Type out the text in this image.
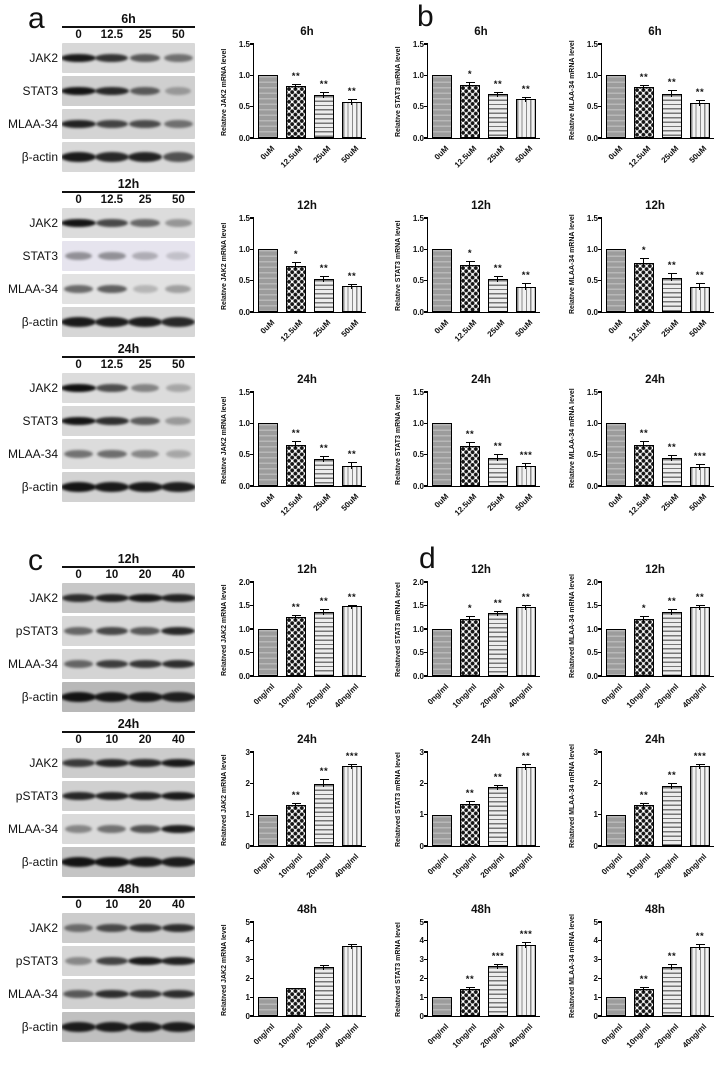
a	6h
0	12.5	25	50
JAK2
STAT3
MLAA-34
β-actin
12h
0	12.5	25	50
JAK2
STAT3
MLAA-34
β-actin
24h
0	12.5	25	50
JAK2
STAT3
MLAA-34
β-actin
b
6h
Relative JAK2 mRNA level
0.0
0.5
1.0
1.5
0uM
**
12.5uM
**
25uM
**
50uM
6h
Relative STAT3 mRNA level
0.0
0.5
1.0
1.5
0uM
*
12.5uM
**
25uM
**
50uM
6h
Relative MLAA-34 mRNA level	0.0
0.5
1.0
1.5
0uM
**
12.5uM
**
25uM
**
50uM
12h
Relative JAK2 mRNA level
0.0
0.5
1.0
1.5
0uM
*
12.5uM
**
25uM
**
50uM
12h
Relative STAT3 mRNA level
0.0
0.5
1.0
1.5
0uM
*
12.5uM
**
25uM
**
50uM
12h
Relative MLAA-34 mRNA level	0.0
0.5
1.0
1.5
0uM
*
12.5uM
**
25uM
**
50uM
24h
Relative JAK2 mRNA level
0.0
0.5
1.0
1.5
0uM
**
12.5uM
**
25uM
**
50uM
24h
Relative STAT3 mRNA level
0.0
0.5
1.0
1.5
0uM
**
12.5uM
**
25uM
***
50uM
24h
Relative MLAA-34 mRNA level	0.0
0.5
1.0
1.5
0uM
**
12.5uM
**
25uM
***
50uM
c	12h
0	10	20	40
JAK2
pSTAT3
MLAA-34
β-actin
24h
0	10	20	40
JAK2
pSTAT3
MLAA-34
β-actin
48h
0	10	20	40
JAK2
pSTAT3
MLAA-34
β-actin
d
12h
Relatived JAK2 mRNA level
0.0
0.5
1.0
1.5
2.0
0ng/ml
**
10ng/ml
**
20ng/ml
**
40ng/ml
12h
Relatived STAT3 mRNA level	0.0
0.5
1.0
1.5
2.0
0ng/ml
*
10ng/ml
**
20ng/ml
**
40ng/ml
12h
Relatived MLAA-34 mRNA level	0.0
0.5
1.0
1.5
2.0
0ng/ml
*
10ng/ml
**
20ng/ml
**
40ng/ml
24h
Relatived JAK2 mRNA level
0
1
2
3
0ng/ml
**
10ng/ml
**
20ng/ml
***
40ng/ml
24h
Relatived STAT3 mRNA level	0
1
2
3
0ng/ml
**
10ng/ml
**
20ng/ml
**
40ng/ml
24h
Relatived MLAA-34 mRNA level	0
1
2
3
0ng/ml
**
10ng/ml
**
20ng/ml
***
40ng/ml
48h
Relatived JAK2 mRNA level
0
1
2
3
4
5
0ng/ml 10ng/ml 20ng/ml 40ng/ml
48h
Relatived STAT3 mRNA level	0
1
2
3
4
5
0ng/ml
**
10ng/ml
***
20ng/ml
***
40ng/ml
48h
Relatived MLAA-34 mRNA level	0
1
2
3
4
5
0ng/ml
**
10ng/ml
**
20ng/ml
**
40ng/ml
